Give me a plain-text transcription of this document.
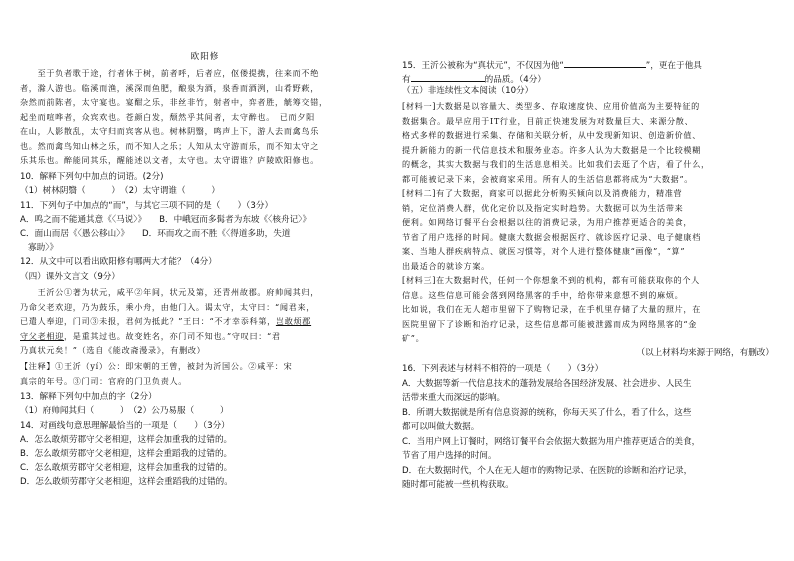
欧阳修
　　至于负者歌于途，行者休于树，前者呼，后者应，伛偻提携，往来而不绝
者，滁人游也。临溪而渔，溪深而鱼肥，酿泉为酒，泉香而酒洌，山肴野蔌，
杂然而前陈者，太守宴也。宴酣之乐，非丝非竹，射者中，弈者胜，觥筹交错，
起坐而喧哗者，众宾欢也。苍颜白发，颓然乎其间者，太守醉也。　已而夕阳
在山，人影散乱，太守归而宾客从也。树林阴翳，鸣声上下，游人去而禽鸟乐
也。然而禽鸟知山林之乐，而不知人之乐；人知从太守游而乐，而不知太守之
乐其乐也。醉能同其乐，醒能述以文者，太守也。太守谓谁？庐陵欧阳修也。
10．解释下列句中加点的词语。(2分)
（1）树林阴翳（　　　）　（2）太守谓谁（　　　）
11．下列句子中加点的“而”，与其它三项不同的是（　　）（3分）
A．鸣之而不能通其意《〈马说〉》　　B．中峨冠而多髯者为东坡《〈核舟记〉》
C．面山而居《〈愚公移山〉》　　D．环而攻之而不胜《〈得道多助，失道
寡助〉》
12．从文中可以看出欧阳修有哪两大才能？（4分）
（四）课外文言文（9分）
　　王沂公①著为状元，咸平②年间，状元及第，还青州故郡。府帅闻其归，
乃命父老欢迎，乃为鼓乐，乘小舟，由他门入。谒太守，太守曰：“闻君来，
已遣人奉迎，门司③未报，君何为抵此？”王曰：“不才幸忝科第，岂敢烦郡
守父老相迎，是重其过也。故变姓名，亦门司不知也。”守叹曰：“君
乃真状元矣！”（选自《能改斋漫录》，有删改）
【注释】①王沂（yí）公：即宋朝的王曾，被封为沂国公。②咸平：宋
真宗的年号。③门司：官府的门卫负责人。
13．解释下列句中加点的字（2分）
（1）府帅闻其归（　　　）　（2）公乃易服（　　　）
14．对画线句意思理解最恰当的一项是（　　）（3分）
A．怎么敢烦劳郡守父老相迎，这样会加重我的过错的。
B．怎么敢烦劳郡守父老相迎，这样会重蹈我的过错的。
C．怎么敢烦劳郡守父老相迎，这样会加重我的过错的。
D．怎么敢烦劳郡守父老相迎，这样会重蹈我的过错的。
15．王沂公被称为“真状元”，不仅因为他“	”，更在于他具
有	的品质。（4分）
（五）非连续性文本阅读（10分）
[材料一]大数据是以容量大、类型多、存取速度快、应用价值高为主要特征的
数据集合。最早应用于IT行业，目前正快速发展为对数量巨大、来源分散、
格式多样的数据进行采集、存储和关联分析，从中发现新知识、创造新价值、
提升新能力的新一代信息技术和服务业态。许多人认为大数据是一个比较模糊
的概念，其实大数据与我们的生活息息相关。比如我们去逛了个店，看了什么，
都可能被记录下来，会被商家采用。所有人的生活信息都将成为“大数据”。
[材料二]有了大数据，商家可以据此分析购买倾向以及消费能力，精准营
销，定位消费人群，优化定价以及指定实时趋势。大数据可以为生活带来
便利。如网络订餐平台会根据以往的消费记录，为用户推荐更适合的美食，
节省了用户选择的时间。健康大数据会根据医疗、就诊医疗记录、电子健康档
案、当地人群疾病特点、就医习惯等，对个人进行整体健康“画像”，“算”
出最适合的就诊方案。
[材料三]在大数据时代，任何一个你想象不到的机构，都有可能获取你的个人
信息。这些信息可能会落到网络黑客的手中，给你带来意想不到的麻烦。
比如说，我们在无人超市里留下了购物记录，在手机里存储了大量的照片，在
医院里留下了诊断和治疗记录，这些信息都可能被泄露而成为网络黑客的“金
矿”。
（以上材料均来源于网络，有删改）
16．下列表述与材料不相符的一项是（　　）（3分）
A．大数据等新一代信息技术的蓬勃发展给各国经济发展、社会进步、人民生
活带来重大而深远的影响。
B．所谓大数据就是所有信息资源的统称，你每天买了什么，看了什么，这些
都可以叫做大数据。
C．当用户网上订餐时，网络订餐平台会依据大数据为用户推荐更适合的美食，
节省了用户选择的时间。
D．在大数据时代，个人在无人超市的购物记录、在医院的诊断和治疗记录，
随时都可能被一些机构获取。
